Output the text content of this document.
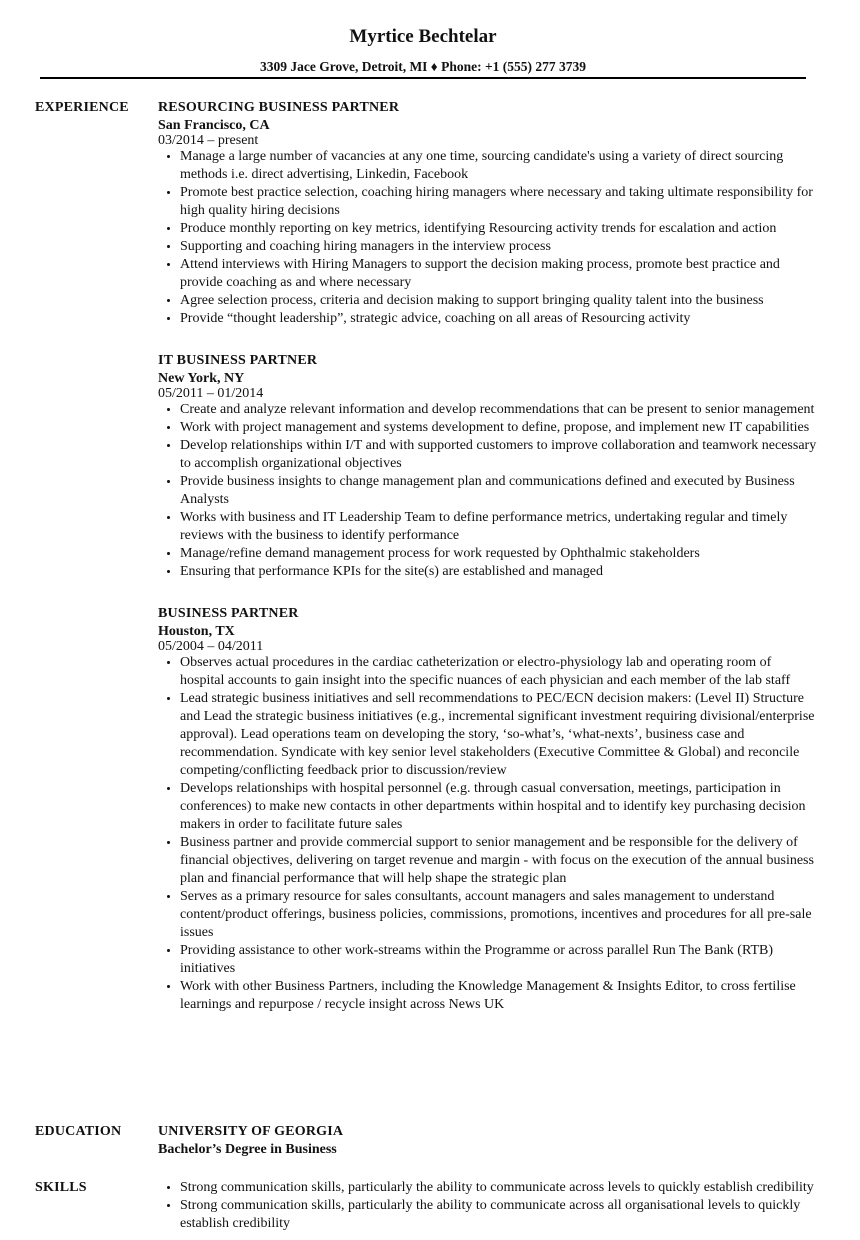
Myrtice Bechtelar
3309 Jace Grove, Detroit, MI ♦ Phone: +1 (555) 277 3739
EXPERIENCE RESOURCING BUSINESS PARTNER
San Francisco, CA
03/2014 – present
• Manage a large number of vacancies at any one time, sourcing candidate's using a variety of direct sourcing methods i.e. direct advertising, Linkedin, Facebook
• Promote best practice selection, coaching hiring managers where necessary and taking ultimate responsibility for high quality hiring decisions
• Produce monthly reporting on key metrics, identifying Resourcing activity trends for escalation and action
• Supporting and coaching hiring managers in the interview process
• Attend interviews with Hiring Managers to support the decision making process, promote best practice and provide coaching as and where necessary
• Agree selection process, criteria and decision making to support bringing quality talent into the business
• Provide “thought leadership”, strategic advice, coaching on all areas of Resourcing activity
IT BUSINESS PARTNER
New York, NY
05/2011 – 01/2014
• Create and analyze relevant information and develop recommendations that can be present to senior management
• Work with project management and systems development to define, propose, and implement new IT capabilities
• Develop relationships within I/T and with supported customers to improve collaboration and teamwork necessary to accomplish organizational objectives
• Provide business insights to change management plan and communications defined and executed by Business Analysts
• Works with business and IT Leadership Team to define performance metrics, undertaking regular and timely reviews with the business to identify performance
• Manage/refine demand management process for work requested by Ophthalmic stakeholders
• Ensuring that performance KPIs for the site(s) are established and managed
BUSINESS PARTNER
Houston, TX
05/2004 – 04/2011
• Observes actual procedures in the cardiac catheterization or electro-physiology lab and operating room of hospital accounts to gain insight into the specific nuances of each physician and each member of the lab staff
• Lead strategic business initiatives and sell recommendations to PEC/ECN decision makers: (Level II) Structure and Lead the strategic business initiatives (e.g., incremental significant investment requiring divisional/enterprise approval). Lead operations team on developing the story, ‘so-what’s, ‘what-nexts’, business case and recommendation. Syndicate with key senior level stakeholders (Executive Committee & Global) and reconcile competing/conflicting feedback prior to discussion/review
• Develops relationships with hospital personnel (e.g. through casual conversation, meetings, participation in conferences) to make new contacts in other departments within hospital and to identify key purchasing decision makers in order to facilitate future sales
• Business partner and provide commercial support to senior management and be responsible for the delivery of financial objectives, delivering on target revenue and margin - with focus on the execution of the annual business plan and financial performance that will help shape the strategic plan
• Serves as a primary resource for sales consultants, account managers and sales management to understand content/product offerings, business policies, commissions, promotions, incentives and procedures for all pre-sale issues
• Providing assistance to other work-streams within the Programme or across parallel Run The Bank (RTB) initiatives
• Work with other Business Partners, including the Knowledge Management & Insights Editor, to cross fertilise learnings and repurpose / recycle insight across News UK
EDUCATION	UNIVERSITY OF GEORGIA
Bachelor’s Degree in Business
SKILLS
•	Strong communication skills, particularly the ability to communicate across levels to quickly establish credibility
• Strong communication skills, particularly the ability to communicate across all organisational levels to quickly establish credibility
